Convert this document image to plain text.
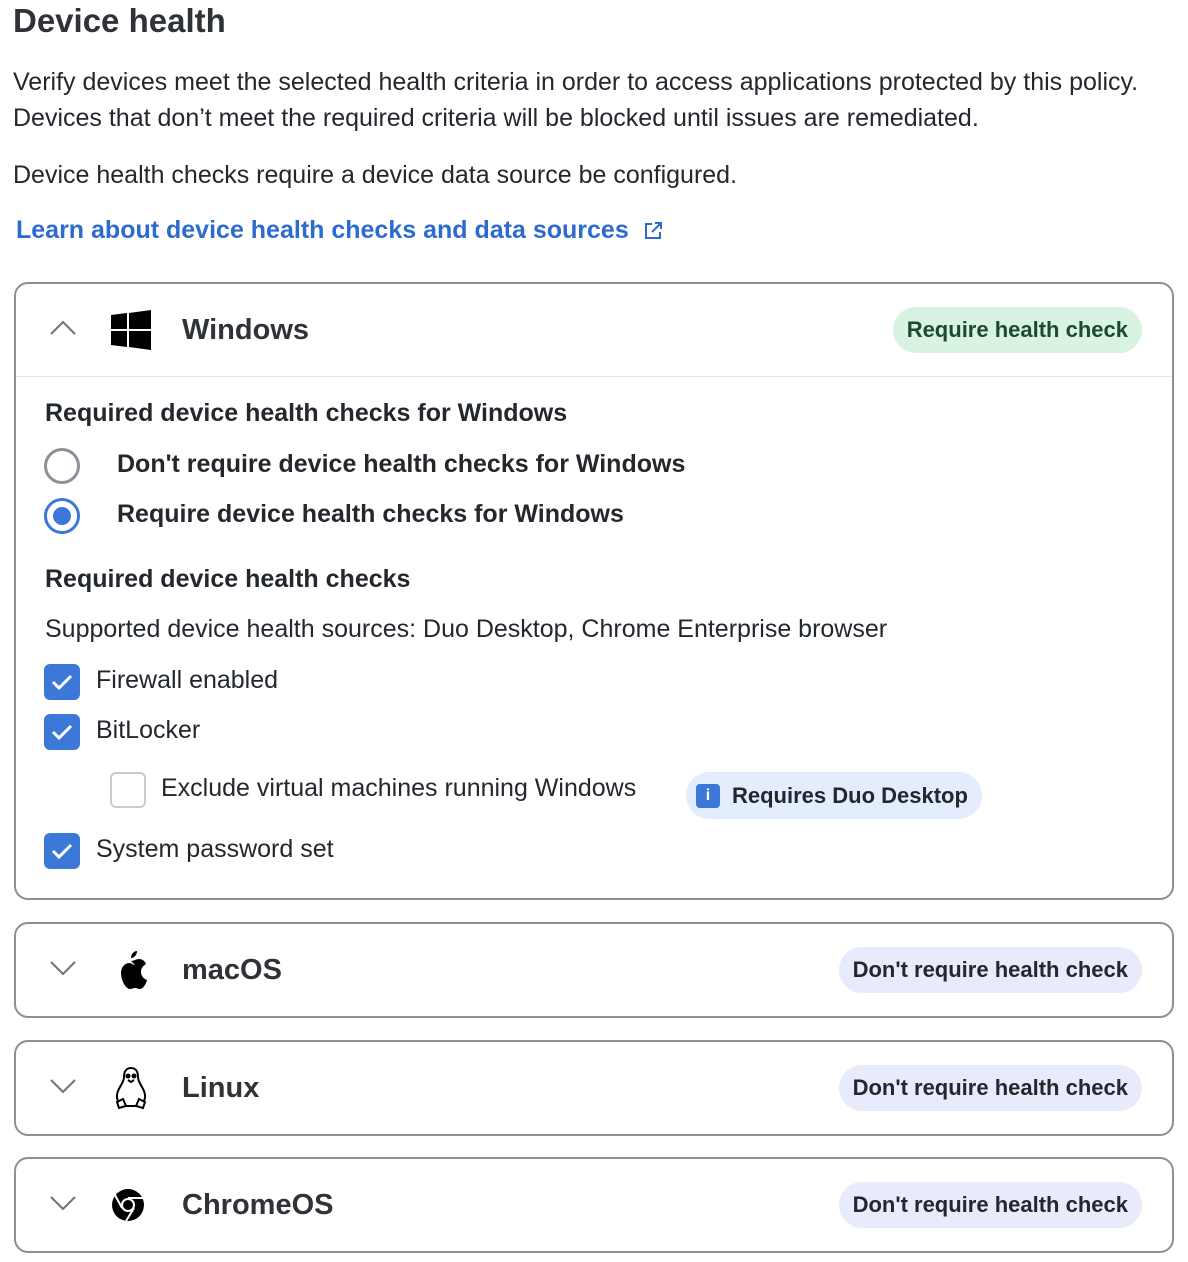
Device health
Verify devices meet the selected health criteria in order to access applications protected by this policy. Devices that don’t meet the required criteria will be blocked until issues are remediated.
Device health checks require a device data source be configured.
Learn about device health checks and data sources
Windows	Require health check
Required device health checks for Windows
Don't require device health checks for Windows
Require device health checks for Windows
Required device health checks
Supported device health sources: Duo Desktop, Chrome Enterprise browser
Firewall enabled
BitLocker
Exclude virtual machines running Windows	i Requires Duo Desktop
System password set
macOS	Don't require health check
Linux	Don't require health check
ChromeOS	Don't require health check
